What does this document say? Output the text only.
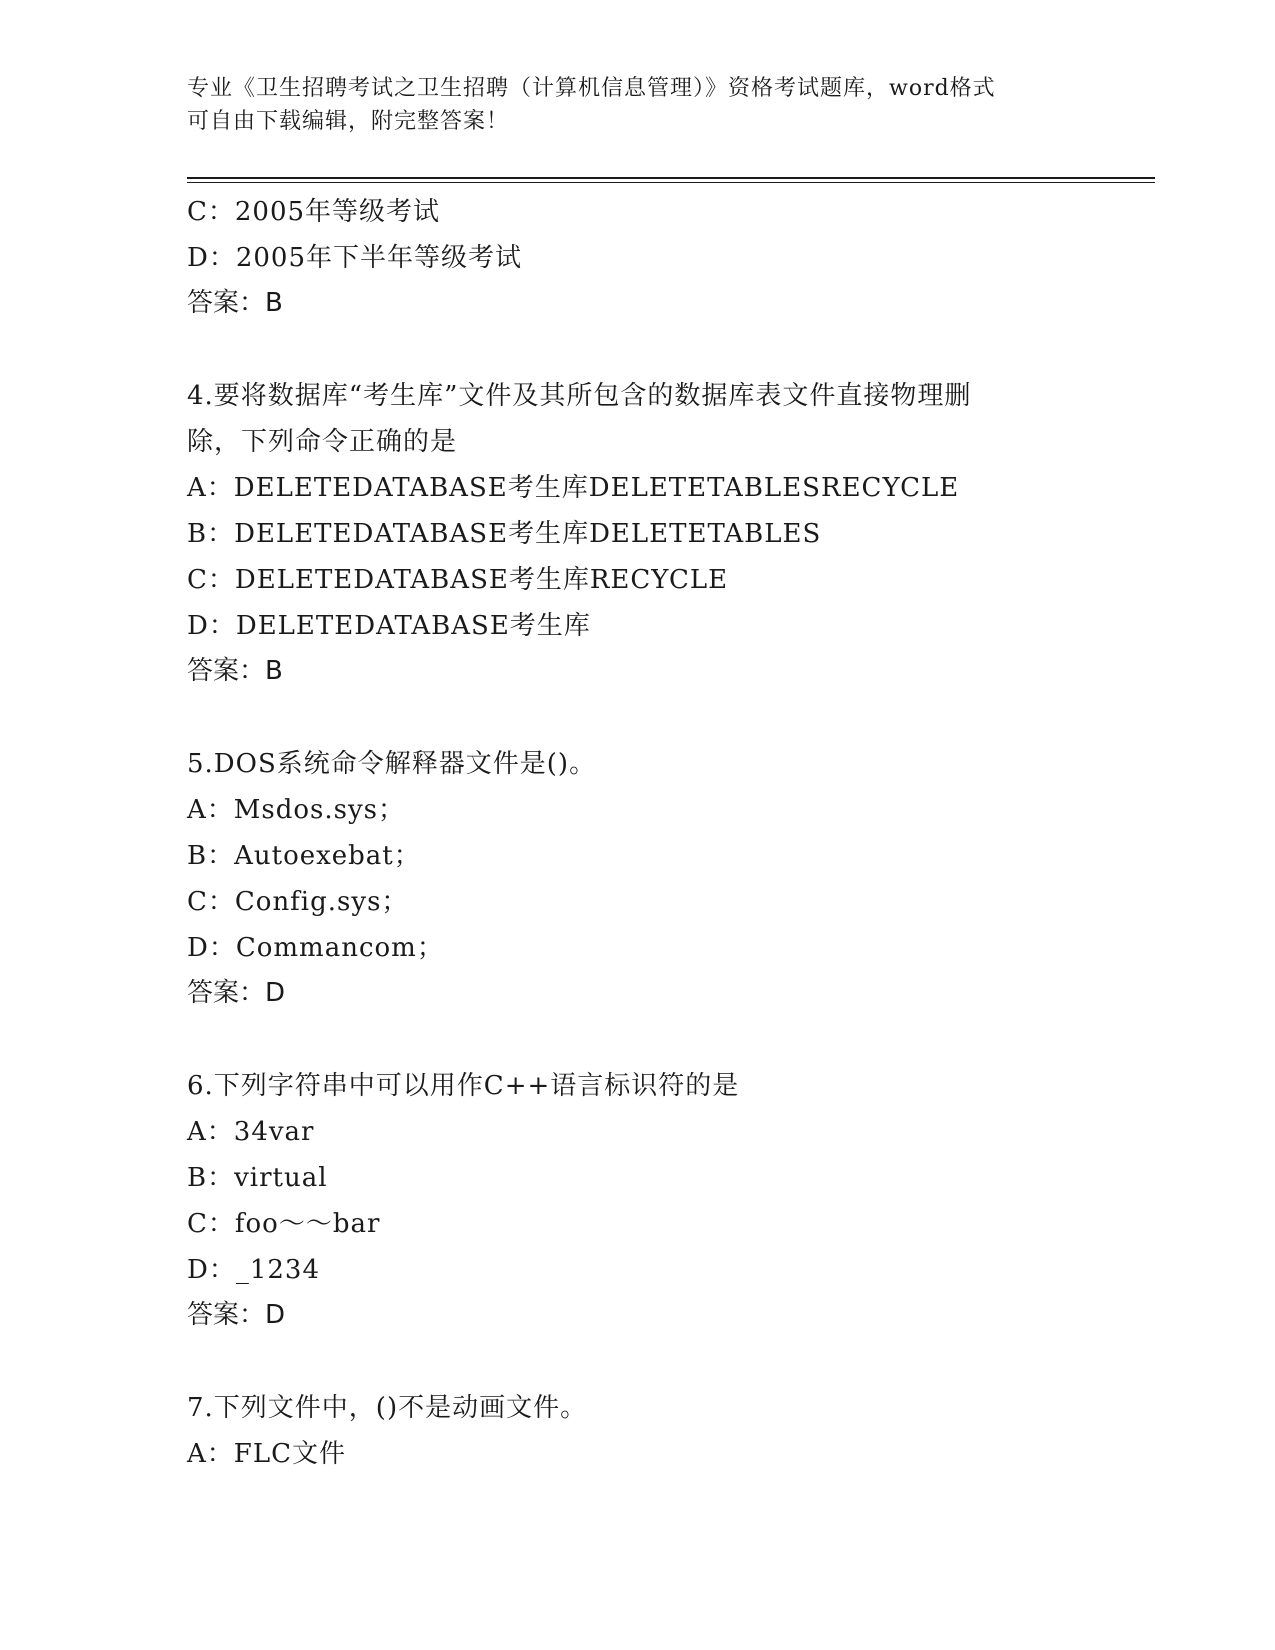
专业《卫生招聘考试之卫生招聘（计算机信息管理）》资格考试题库，word格式
可自由下载编辑，附完整答案！
C：2005年等级考试
D：2005年下半年等级考试
答案：B
4.要将数据库“考生库”文件及其所包含的数据库表文件直接物理删
除，下列命令正确的是
A：DELETEDATABASE考生库DELETETABLESRECYCLE
B：DELETEDATABASE考生库DELETETABLES
C：DELETEDATABASE考生库RECYCLE
D：DELETEDATABASE考生库
答案：B
5.DOS系统命令解释器文件是()。
A：Msdos.sys；
B：Autoexebat；
C：Config.sys；
D：Commancom；
答案：D
6.下列字符串中可以用作C++语言标识符的是
A：34var
B：virtual
C：foo～～bar
D：_1234
答案：D
7.下列文件中，()不是动画文件。
A：FLC文件
